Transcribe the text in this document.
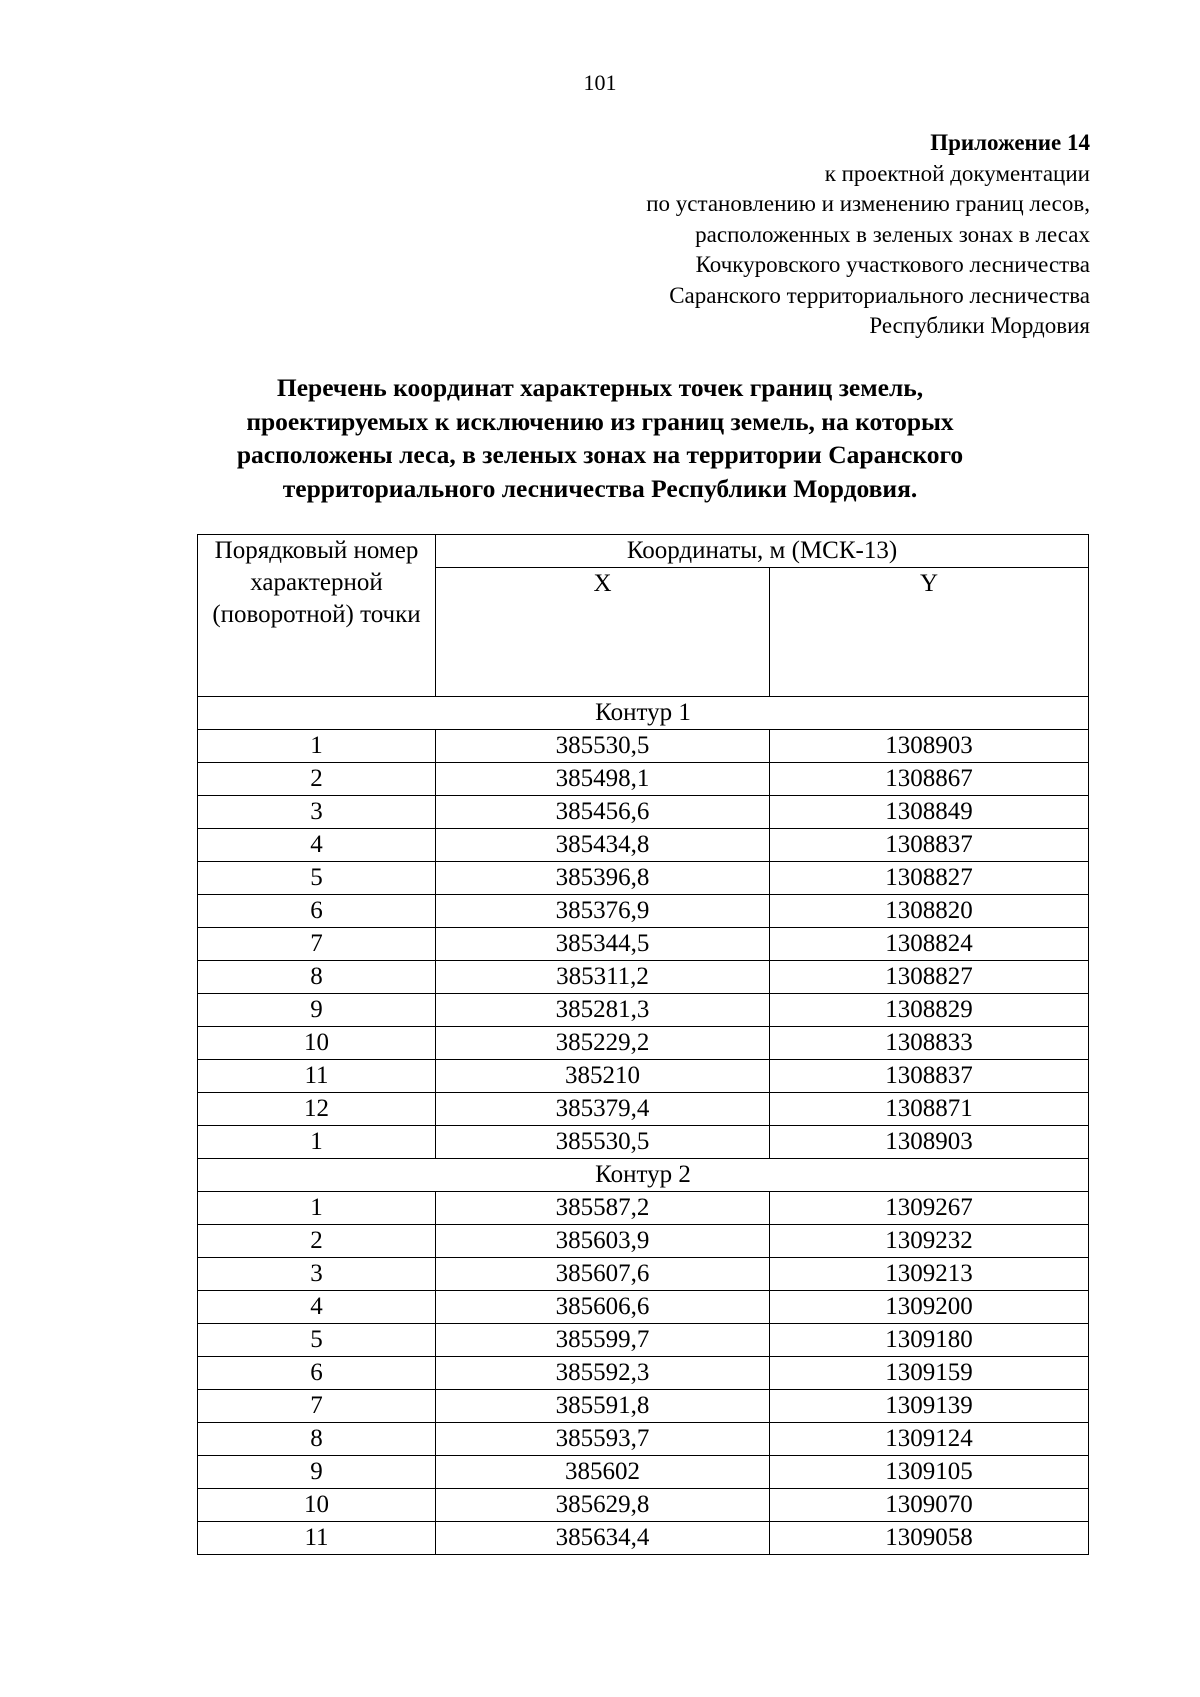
101
Приложение 14
к проектной документации
по установлению и изменению границ лесов,
расположенных в зеленых зонах в лесах
Кочкуровского участкового лесничества
Саранского территориального лесничества
Республики Мордовия
Перечень координат характерных точек границ земель,
проектируемых к исключению из границ земель, на которых
расположены леса, в зеленых зонах на территории Саранского
территориального лесничества Республики Мордовия.
Порядковый номер характерной (поворотной) точки	Координаты, м (МСК-13)	
	X	Y
Контур 1		
1	385530,5	1308903
2	385498,1	1308867
3	385456,6	1308849
4	385434,8	1308837
5	385396,8	1308827
6	385376,9	1308820
7	385344,5	1308824
8	385311,2	1308827
9	385281,3	1308829
10	385229,2	1308833
11	385210	1308837
12	385379,4	1308871
1	385530,5	1308903
Контур 2		
1	385587,2	1309267
2	385603,9	1309232
3	385607,6	1309213
4	385606,6	1309200
5	385599,7	1309180
6	385592,3	1309159
7	385591,8	1309139
8	385593,7	1309124
9	385602	1309105
10	385629,8	1309070
11	385634,4	1309058
